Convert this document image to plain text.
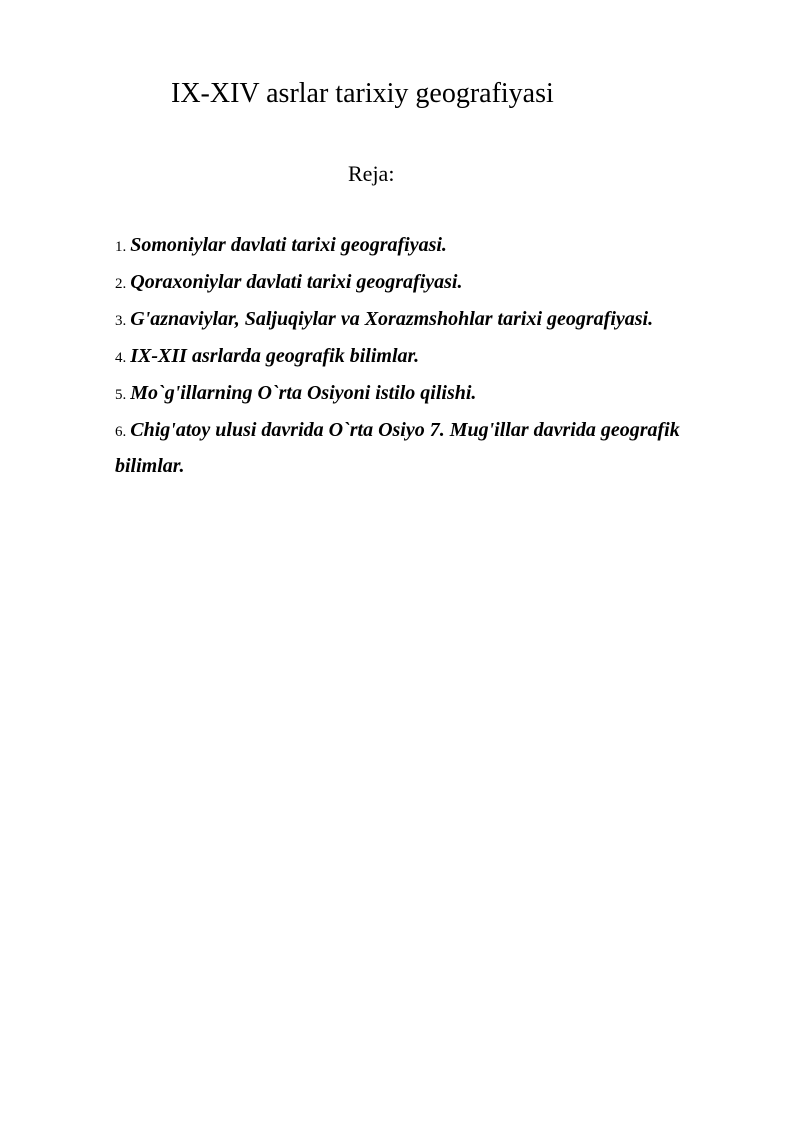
IX-XIV asrlar tarixiy geografiyasi
Reja:
1. Somoniylar davlati tarixi geografiyasi.
2. Qoraxoniylar davlati tarixi geografiyasi.
3. G'aznaviylar, Saljuqiylar va Xorazmshohlar tarixi geografiyasi.
4. IX-XII asrlarda geografik bilimlar.
5. Mo`g'illarning O`rta Osiyoni istilo qilishi.
6. Chig'atoy ulusi davrida O`rta Osiyo 7. Mug'illar davrida geografik bilimlar.
